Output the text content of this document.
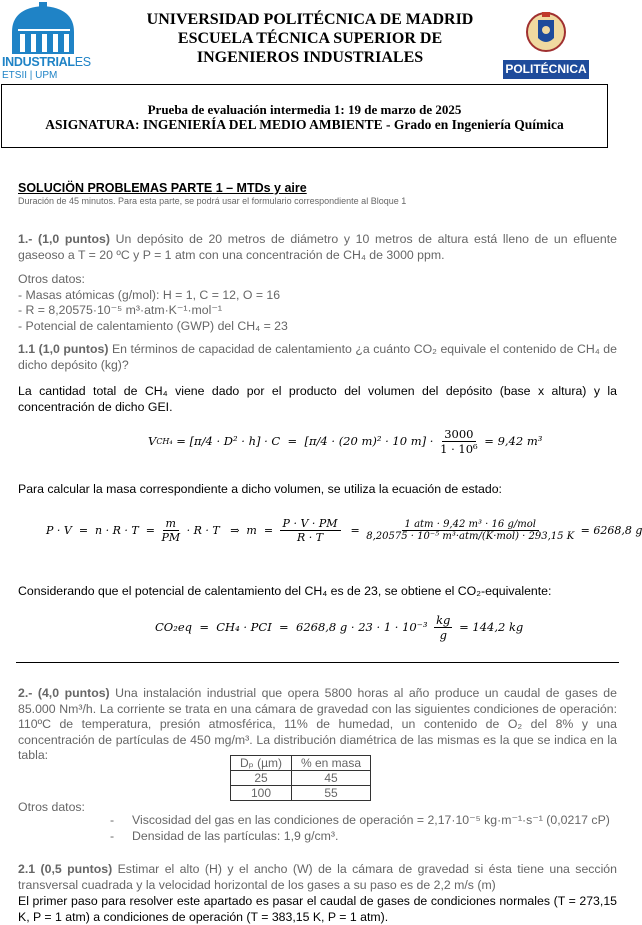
INDUSTRIALES
ETSII | UPM
UNIVERSIDAD POLITÉCNICA DE MADRID
ESCUELA TÉCNICA SUPERIOR DE
INGENIEROS INDUSTRIALES
POLITÉCNICA
Prueba de evaluación intermedia 1: 19 de marzo de 2025
ASIGNATURA: INGENIERÍA DEL MEDIO AMBIENTE - Grado en Ingeniería Química
SOLUCIÖN PROBLEMAS PARTE 1 – MTDs y aire
Duración de 45 minutos. Para esta parte, se podrá usar el formulario correspondiente al Bloque 1
1.- (1,0 puntos) Un depósito de 20 metros de diámetro y 10 metros de altura está lleno de un efluente gaseoso a T = 20 ºC y P = 1 atm con una concentración de CH₄ de 3000 ppm.
Otros datos:
- Masas atómicas (g/mol): H = 1, C = 12, O = 16
- R = 8,20575·10⁻⁵ m³·atm·K⁻¹·mol⁻¹
- Potencial de calentamiento (GWP) del CH₄ = 23
1.1 (1,0 puntos) En términos de capacidad de calentamiento ¿a cuánto CO₂ equivale el contenido de CH₄ de dicho depósito (kg)?
La cantidad total de CH₄ viene dado por el producto del volumen del depósito (base x altura) y la concentración de dicho GEI.
V CH₄ = [π/4 · D² · h] · C  =  [π/4 · (20 m)² · 10 $m] \cdot \frac{3000}{\text{1 · 10⁶}} = 9,42$ m³
Para calcular la masa correspondiente a dicho volumen, se utiliza la ecuación de estado:
$P \cdot V = n \cdot R \cdot T = \frac{m}{PM} \cdot R \cdot T$   ⇒  $m = \frac{P \cdot V \cdot PM}{R \cdot T}$ =	1 atm · 9,42 m³ · 16 g/mol
8,20575 · 10⁻⁵ m³·atm/(K·mol) · 293,15 K = 6268,8 g
Considerando que el potencial de calentamiento del CH₄ es de 23, se obtiene el CO₂-equivalente:
CO₂eq  =  CH₄ · PCI  =  6268,8 $g \cdot 23 \cdot 1 \cdot 10^{-3} \frac{kg}{g} = 144,2$ kg
2.- (4,0 puntos) Una instalación industrial que opera 5800 horas al año produce un caudal de gases de 85.000 Nm³/h. La corriente se trata en una cámara de gravedad con las siguientes condiciones de operación: 110ºC de temperatura, presión atmosférica, 11% de humedad, un contenido de O₂ del 8% y una concentración de partículas de 450 mg/m³. La distribución diamétrica de las mismas es la que se indica en la tabla:
Dₚ (µm)	% en masa
25	45
100	55
Otros datos:
- Viscosidad del gas en las condiciones de operación = 2,17·10⁻⁵ kg·m⁻¹·s⁻¹ (0,0217 cP)
- Densidad de las partículas: 1,9 g/cm³.
2.1 (0,5 puntos) Estimar el alto (H) y el ancho (W) de la cámara de gravedad si ésta tiene una sección transversal cuadrada y la velocidad horizontal de los gases a su paso es de 2,2 m/s (m)
El primer paso para resolver este apartado es pasar el caudal de gases de condiciones normales (T = 273,15 K, P = 1 atm) a condiciones de operación (T = 383,15 K, P = 1 atm).
